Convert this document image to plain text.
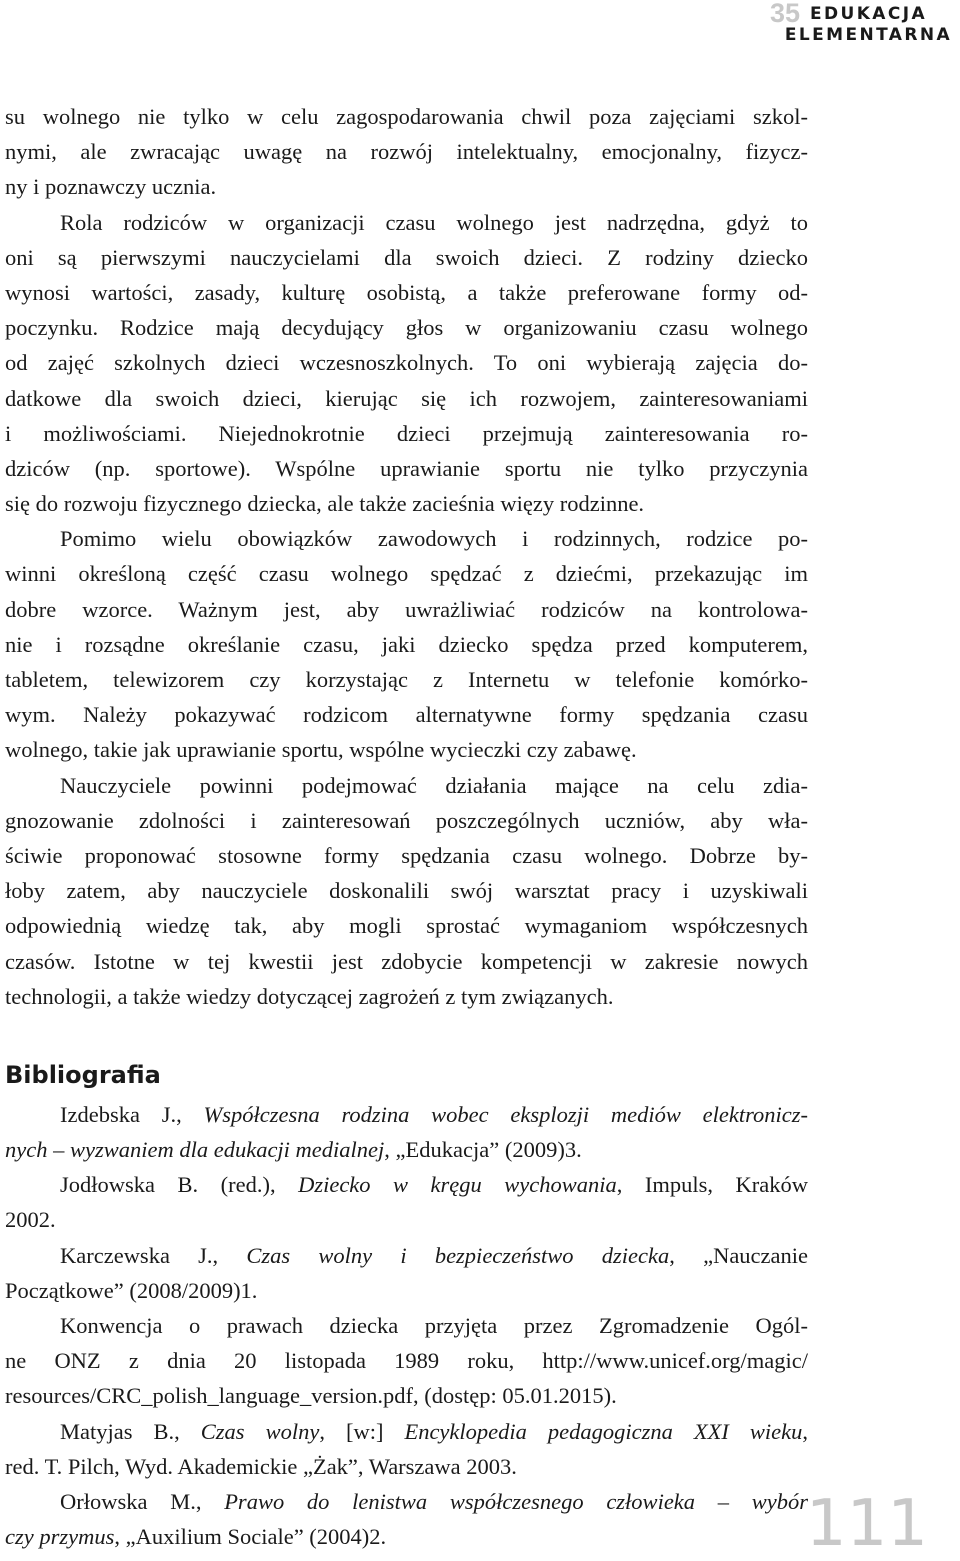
35 EDUKACJA
ELEMENTARNA
su wolnego nie tylko w celu zagospodarowania chwil poza zajęciami szkol-
nymi, ale zwracając uwagę na rozwój intelektualny, emocjonalny, fizycz-
ny i poznawczy ucznia.
Rola rodziców w organizacji czasu wolnego jest nadrzędna, gdyż to
oni są pierwszymi nauczycielami dla swoich dzieci. Z rodziny dziecko
wynosi wartości, zasady, kulturę osobistą, a także preferowane formy od-
poczynku. Rodzice mają decydujący głos w organizowaniu czasu wolnego
od zajęć szkolnych dzieci wczesnoszkolnych. To oni wybierają zajęcia do-
datkowe dla swoich dzieci, kierując się ich rozwojem, zainteresowaniami
i możliwościami. Niejednokrotnie dzieci przejmują zainteresowania ro-
dziców (np. sportowe). Wspólne uprawianie sportu nie tylko przyczynia
się do rozwoju fizycznego dziecka, ale także zacieśnia więzy rodzinne.
Pomimo wielu obowiązków zawodowych i rodzinnych, rodzice po-
winni określoną część czasu wolnego spędzać z dziećmi, przekazując im
dobre wzorce. Ważnym jest, aby uwrażliwiać rodziców na kontrolowa-
nie i rozsądne określanie czasu, jaki dziecko spędza przed komputerem,
tabletem, telewizorem czy korzystając z Internetu w telefonie komórko-
wym. Należy pokazywać rodzicom alternatywne formy spędzania czasu
wolnego, takie jak uprawianie sportu, wspólne wycieczki czy zabawę.
Nauczyciele powinni podejmować działania mające na celu zdia-
gnozowanie zdolności i zainteresowań poszczególnych uczniów, aby wła-
ściwie proponować stosowne formy spędzania czasu wolnego. Dobrze by-
łoby zatem, aby nauczyciele doskonalili swój warsztat pracy i uzyskiwali
odpowiednią wiedzę tak, aby mogli sprostać wymaganiom współczesnych
czasów. Istotne w tej kwestii jest zdobycie kompetencji w zakresie nowych
technologii, a także wiedzy dotyczącej zagrożeń z tym związanych.
Bibliografia
Izdebska J., Współczesna rodzina wobec eksplozji mediów elektronicz-
nych – wyzwaniem dla edukacji medialnej, „Edukacja” (2009)3.
Jodłowska B. (red.), Dziecko w kręgu wychowania, Impuls, Kraków
2002.
Karczewska J., Czas wolny i bezpieczeństwo dziecka, „Nauczanie
Początkowe” (2008/2009)1.
Konwencja o prawach dziecka przyjęta przez Zgromadzenie Ogól-
ne ONZ z dnia 20 listopada 1989 roku, http://www.unicef.org/magic/
resources/CRC_polish_language_version.pdf, (dostęp: 05.01.2015).
Matyjas B., Czas wolny, [w:] Encyklopedia pedagogiczna XXI wieku,
red. T. Pilch, Wyd. Akademickie „Żak”, Warszawa 2003.
Orłowska M., Prawo do lenistwa współczesnego człowieka – wybór
czy przymus, „Auxilium Sociale” (2004)2.	111
